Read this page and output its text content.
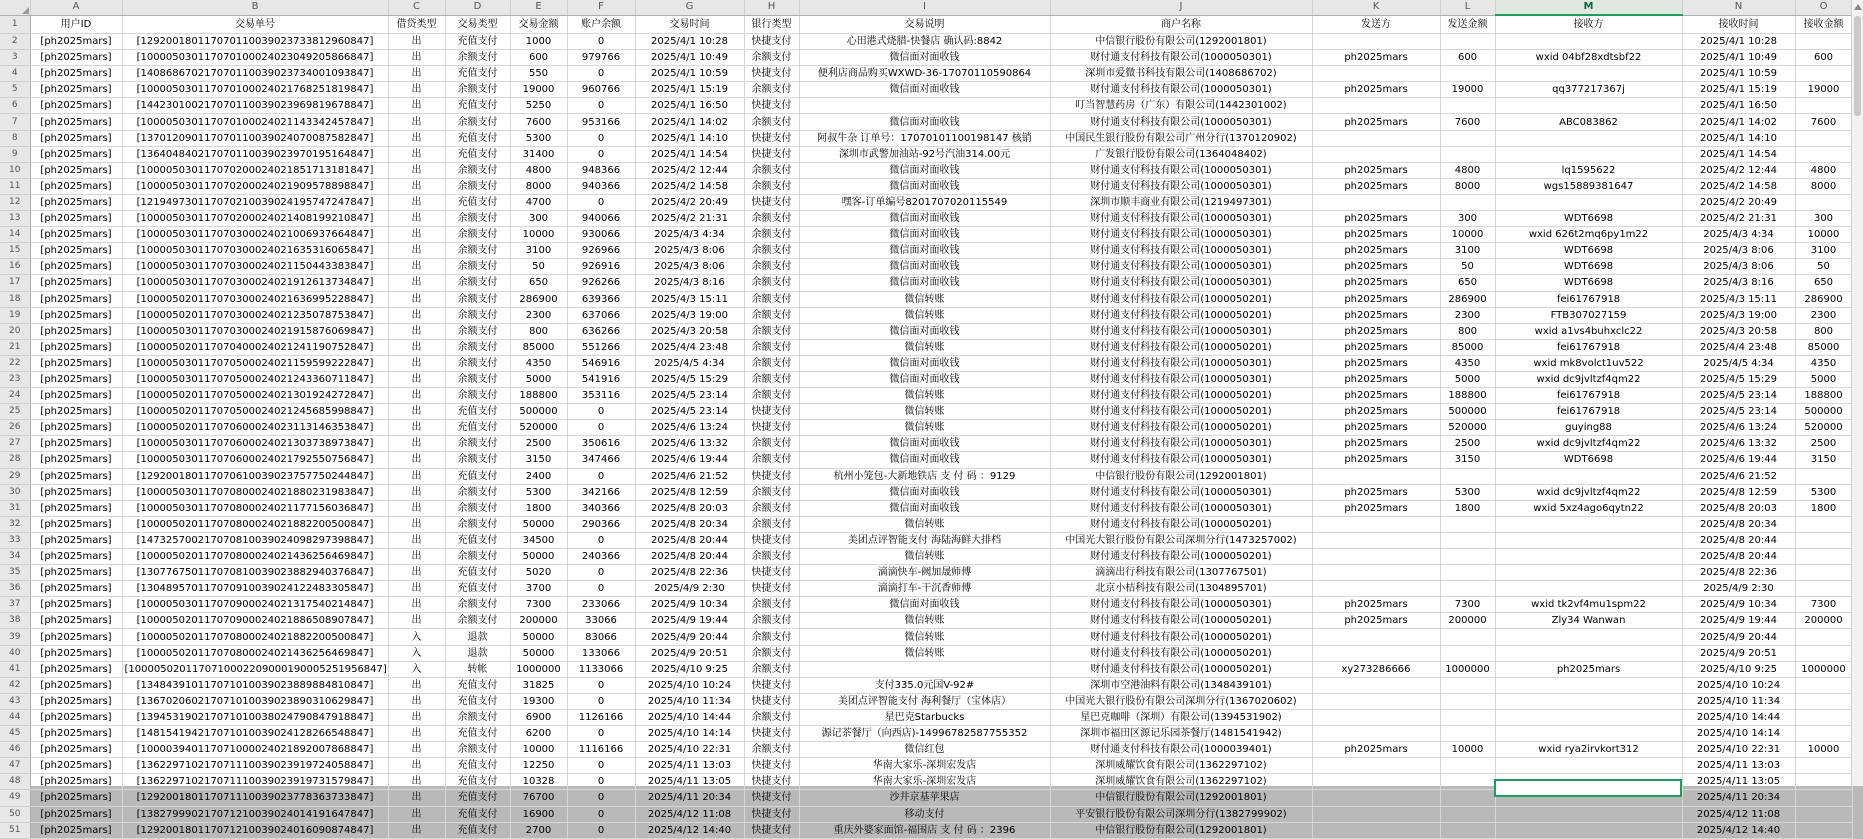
	A	B	C	D	E	F	G	H	I	J	K	L	M	N	O
1	用户ID	交易单号	借贷类型	交易类型	交易金额	账户余额	交易时间	银行类型	交易说明	商户名称	发送方	发送金额	接收方	接收时间	接收金额
2	[ph2025mars]	[129200180117070110039023733812960847]	出	充值支付	1000	0	2025/4/1 10:28	快捷支付	心田港式烧腊-快餐店 确认码:8842	中信银行股份有限公司(1292001801)				2025/4/1 10:28	
3	[ph2025mars]	[100005030117070100024023049205866847]	出	余额支付	600	979766	2025/4/1 10:49	余额支付	微信面对面收钱	财付通支付科技有限公司(1000050301)	ph2025mars	600	wxid 04bf28xdtsbf22	2025/4/1 10:49	600
4	[ph2025mars]	[140868670217070110039023734001093847]	出	充值支付	550	0	2025/4/1 10:59	快捷支付	便利店商品购买WXWD-36-17070110590864	深圳市爱微书科技有限公司(1408686702)				2025/4/1 10:59	
5	[ph2025mars]	[100005030117070100024021768251819847]	出	余额支付	19000	960766	2025/4/1 15:19	余额支付	微信面对面收钱	财付通支付科技有限公司(1000050301)	ph2025mars	19000	qq377217367j	2025/4/1 15:19	19000
6	[ph2025mars]	[144230100217070110039023969819678847]	出	充值支付	5250	0	2025/4/1 16:50	快捷支付		叮当智慧药房（广东）有限公司(1442301002)				2025/4/1 16:50	
7	[ph2025mars]	[100005030117070100024021143342457847]	出	余额支付	7600	953166	2025/4/1 14:02	余额支付	微信面对面收钱	财付通支付科技有限公司(1000050301)	ph2025mars	7600	ABC083862	2025/4/1 14:02	7600
8	[ph2025mars]	[137012090117070110039024070087582847]	出	充值支付	5300	0	2025/4/1 14:10	快捷支付	阿叔牛杂 订单号：17070101100198147 核销	中国民生银行股份有限公司广州分行(1370120902)				2025/4/1 14:10	
9	[ph2025mars]	[136404840217070110039023970195164847]	出	充值支付	31400	0	2025/4/1 14:54	快捷支付	深圳市武警加油站-92号汽油314.00元	广发银行股份有限公司(1364048402)				2025/4/1 14:54	
10	[ph2025mars]	[100005030117070200024021851713181847]	出	余额支付	4800	948366	2025/4/2 12:44	余额支付	微信面对面收钱	财付通支付科技有限公司(1000050301)	ph2025mars	4800	lq1595622	2025/4/2 12:44	4800
11	[ph2025mars]	[100005030117070200024021909578898847]	出	余额支付	8000	940366	2025/4/2 14:58	余额支付	微信面对面收钱	财付通支付科技有限公司(1000050301)	ph2025mars	8000	wgs15889381647	2025/4/2 14:58	8000
12	[ph2025mars]	[121949730117070210039024195747247847]	出	充值支付	4700	0	2025/4/2 20:49	快捷支付	嘿客-订单编号8201707020115549	深圳市顺丰商业有限公司(1219497301)				2025/4/2 20:49	
13	[ph2025mars]	[100005030117070200024021408199210847]	出	余额支付	300	940066	2025/4/2 21:31	余额支付	微信面对面收钱	财付通支付科技有限公司(1000050301)	ph2025mars	300	WDT6698	2025/4/2 21:31	300
14	[ph2025mars]	[100005030117070300024021006937664847]	出	余额支付	10000	930066	2025/4/3 4:34	余额支付	微信面对面收钱	财付通支付科技有限公司(1000050301)	ph2025mars	10000	wxid 626t2mq6py1m22	2025/4/3 4:34	10000
15	[ph2025mars]	[100005030117070300024021635316065847]	出	余额支付	3100	926966	2025/4/3 8:06	余额支付	微信面对面收钱	财付通支付科技有限公司(1000050301)	ph2025mars	3100	WDT6698	2025/4/3 8:06	3100
16	[ph2025mars]	[100005030117070300024021150443383847]	出	余额支付	50	926916	2025/4/3 8:06	余额支付	微信面对面收钱	财付通支付科技有限公司(1000050301)	ph2025mars	50	WDT6698	2025/4/3 8:06	50
17	[ph2025mars]	[100005030117070300024021912613734847]	出	余额支付	650	926266	2025/4/3 8:16	余额支付	微信面对面收钱	财付通支付科技有限公司(1000050301)	ph2025mars	650	WDT6698	2025/4/3 8:16	650
18	[ph2025mars]	[100005020117070300024021636995228847]	出	余额支付	286900	639366	2025/4/3 15:11	余额支付	微信转账	财付通支付科技有限公司(1000050201)	ph2025mars	286900	fei61767918	2025/4/3 15:11	286900
19	[ph2025mars]	[100005020117070300024021235078753847]	出	余额支付	2300	637066	2025/4/3 19:00	余额支付	微信转账	财付通支付科技有限公司(1000050201)	ph2025mars	2300	FTB307027159	2025/4/3 19:00	2300
20	[ph2025mars]	[100005030117070300024021915876069847]	出	余额支付	800	636266	2025/4/3 20:58	余额支付	微信面对面收钱	财付通支付科技有限公司(1000050301)	ph2025mars	800	wxid a1vs4buhxclc22	2025/4/3 20:58	800
21	[ph2025mars]	[100005020117070400024021241190752847]	出	余额支付	85000	551266	2025/4/4 23:48	余额支付	微信转账	财付通支付科技有限公司(1000050201)	ph2025mars	85000	fei61767918	2025/4/4 23:48	85000
22	[ph2025mars]	[100005030117070500024021159599222847]	出	余额支付	4350	546916	2025/4/5 4:34	余额支付	微信面对面收钱	财付通支付科技有限公司(1000050301)	ph2025mars	4350	wxid mk8volct1uv522	2025/4/5 4:34	4350
23	[ph2025mars]	[100005030117070500024021243360711847]	出	余额支付	5000	541916	2025/4/5 15:29	余额支付	微信面对面收钱	财付通支付科技有限公司(1000050301)	ph2025mars	5000	wxid dc9jvltzf4qm22	2025/4/5 15:29	5000
24	[ph2025mars]	[100005020117070500024021301924272847]	出	余额支付	188800	353116	2025/4/5 23:14	余额支付	微信转账	财付通支付科技有限公司(1000050201)	ph2025mars	188800	fei61767918	2025/4/5 23:14	188800
25	[ph2025mars]	[100005020117070500024021245685998847]	出	充值支付	500000	0	2025/4/5 23:14	快捷支付	微信转账	财付通支付科技有限公司(1000050201)	ph2025mars	500000	fei61767918	2025/4/5 23:14	500000
26	[ph2025mars]	[100005020117070600024023113146353847]	出	充值支付	520000	0	2025/4/6 13:24	快捷支付	微信转账	财付通支付科技有限公司(1000050201)	ph2025mars	520000	guying88	2025/4/6 13:24	520000
27	[ph2025mars]	[100005030117070600024021303738973847]	出	余额支付	2500	350616	2025/4/6 13:32	余额支付	微信面对面收钱	财付通支付科技有限公司(1000050301)	ph2025mars	2500	wxid dc9jvltzf4qm22	2025/4/6 13:32	2500
28	[ph2025mars]	[100005030117070600024021792550756847]	出	余额支付	3150	347466	2025/4/6 19:44	余额支付	微信面对面收钱	财付通支付科技有限公司(1000050301)	ph2025mars	3150	WDT6698	2025/4/6 19:44	3150
29	[ph2025mars]	[129200180117070610039023757750244847]	出	充值支付	2400	0	2025/4/6 21:52	快捷支付	杭州小笼包-大新地铁店 支 付 码 ：9129	中信银行股份有限公司(1292001801)				2025/4/6 21:52	
30	[ph2025mars]	[100005030117070800024021880231983847]	出	余额支付	5300	342166	2025/4/8 12:59	余额支付	微信面对面收钱	财付通支付科技有限公司(1000050301)	ph2025mars	5300	wxid dc9jvltzf4qm22	2025/4/8 12:59	5300
31	[ph2025mars]	[100005030117070800024021177156036847]	出	余额支付	1800	340366	2025/4/8 20:03	余额支付	微信面对面收钱	财付通支付科技有限公司(1000050301)	ph2025mars	1800	wxid 5xz4ago6qytn22	2025/4/8 20:03	1800
32	[ph2025mars]	[100005020117070800024021882200500847]	出	余额支付	50000	290366	2025/4/8 20:34	余额支付	微信转账	财付通支付科技有限公司(1000050201)				2025/4/8 20:34	
33	[ph2025mars]	[147325700217070810039024098297398847]	出	充值支付	34500	0	2025/4/8 20:44	快捷支付	美团点评智能支付 海陆海鲜大排档	中国光大银行股份有限公司深圳分行(1473257002)				2025/4/8 20:44	
34	[ph2025mars]	[100005020117070800024021436256469847]	出	余额支付	50000	240366	2025/4/8 20:44	余额支付	微信转账	财付通支付科技有限公司(1000050201)				2025/4/8 20:44	
35	[ph2025mars]	[130776750117070810039023882940376847]	出	充值支付	5020	0	2025/4/8 22:36	快捷支付	滴滴快车-阙加晟师傅	滴滴出行科技有限公司(1307767501)				2025/4/8 22:36	
36	[ph2025mars]	[130489570117070910039024122483305847]	出	充值支付	3700	0	2025/4/9 2:30	快捷支付	滴滴打车-干沉香师傅	北京小桔科技有限公司(1304895701)				2025/4/9 2:30	
37	[ph2025mars]	[100005030117070900024021317540214847]	出	余额支付	7300	233066	2025/4/9 10:34	余额支付	微信面对面收钱	财付通支付科技有限公司(1000050301)	ph2025mars	7300	wxid tk2vf4mu1spm22	2025/4/9 10:34	7300
38	[ph2025mars]	[100005020117070900024021886508907847]	出	余额支付	200000	33066	2025/4/9 19:44	余额支付	微信转账	财付通支付科技有限公司(1000050201)	ph2025mars	200000	Zly34 Wanwan	2025/4/9 19:44	200000
39	[ph2025mars]	[100005020117070800024021882200500847]	入	退款	50000	83066	2025/4/9 20:44	余额支付	微信转账	财付通支付科技有限公司(1000050201)				2025/4/9 20:44	
40	[ph2025mars]	[100005020117070800024021436256469847]	入	退款	50000	133066	2025/4/9 20:51	余额支付	微信转账	财付通支付科技有限公司(1000050201)				2025/4/9 20:51	
41	[ph2025mars]	[1000050201170710002209000190005251956847]	入	转帐	1000000	1133066	2025/4/10 9:25	余额支付		财付通支付科技有限公司(1000050201)	xy273286666	1000000	ph2025mars	2025/4/10 9:25	1000000
42	[ph2025mars]	[134843910117071010039023889884810847]	出	充值支付	31825	0	2025/4/10 10:24	快捷支付	支付335.0元国V-92#	深圳市空港油料有限公司(1348439101)				2025/4/10 10:24	
43	[ph2025mars]	[136702060217071010039023890310629847]	出	充值支付	19300	0	2025/4/10 11:34	快捷支付	美团点评智能支付 海利餐厅（宝体店）	中国光大银行股份有限公司深圳分行(1367020602)				2025/4/10 11:34	
44	[ph2025mars]	[139453190217071010038024790847918847]	出	余额支付	6900	1126166	2025/4/10 14:44	余额支付	星巴克Starbucks	星巴克咖啡（深圳）有限公司(1394531902)				2025/4/10 14:44	
45	[ph2025mars]	[148154194217071010039024128266548847]	出	充值支付	6200	0	2025/4/10 14:14	快捷支付	源记茶餐厅（向西店)-14996782587755352	深圳市福田区源记乐园茶餐厅(1481541942)				2025/4/10 14:14	
46	[ph2025mars]	[100003940117071000024021892007868847]	出	余额支付	10000	1116166	2025/4/10 22:31	余额支付	微信红包	财付通支付科技有限公司(1000039401)	ph2025mars	10000	wxid rya2irvkort312	2025/4/10 22:31	10000
47	[ph2025mars]	[136229710217071110039023919724058847]	出	充值支付	12250	0	2025/4/11 13:03	快捷支付	华南大家乐-深圳宏发店	深圳威耀饮食有限公司(1362297102)				2025/4/11 13:03	
48	[ph2025mars]	[136229710217071110039023919731579847]	出	充值支付	10328	0	2025/4/11 13:05	快捷支付	华南大家乐-深圳宏发店	深圳威耀饮食有限公司(1362297102)				2025/4/11 13:05	
49	[ph2025mars]	[129200180117071110039023778363733847]	出	充值支付	76700	0	2025/4/11 20:34	快捷支付	沙井京基苹果店	中信银行股份有限公司(1292001801)				2025/4/11 20:34	
50	[ph2025mars]	[138279990217071210039024014191647847]	出	充值支付	16900	0	2025/4/12 11:08	快捷支付	移动支付	平安银行股份有限公司深圳分行(1382799902)				2025/4/12 11:08	
51	[ph2025mars]	[129200180117071210039024016090874847]	出	充值支付	2700	0	2025/4/12 14:40	快捷支付	重庆外婆家面馆-福围店 支 付 码 ：2396	中信银行股份有限公司(1292001801)				2025/4/12 14:40	
